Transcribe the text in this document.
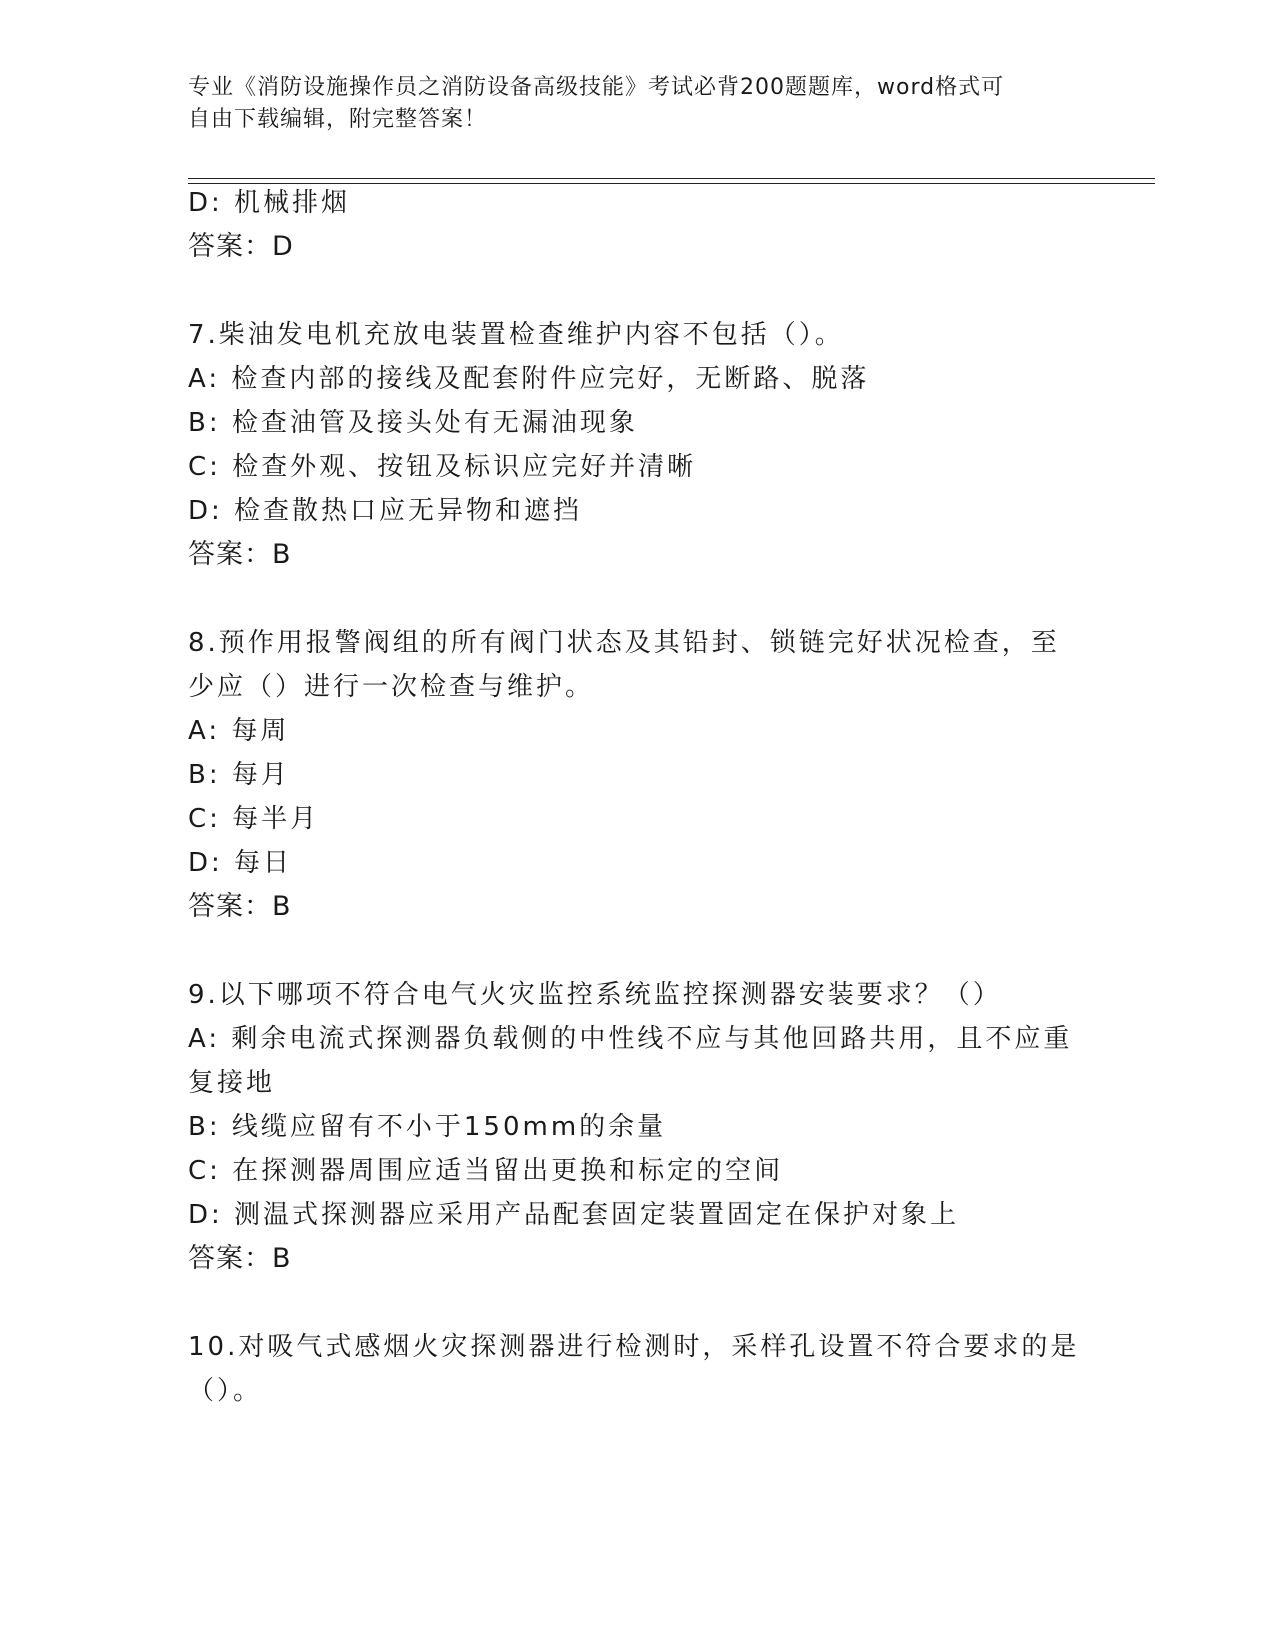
专业《消防设施操作员之消防设备高级技能》考试必背200题题库，word格式可
自由下载编辑，附完整答案！
D: 机械排烟
答案：D
7.柴油发电机充放电装置检查维护内容不包括（）。
A: 检查内部的接线及配套附件应完好，无断路、脱落
B: 检查油管及接头处有无漏油现象
C: 检查外观、按钮及标识应完好并清晰
D: 检查散热口应无异物和遮挡
答案：B
8.预作用报警阀组的所有阀门状态及其铅封、锁链完好状况检查，至
少应（）进行一次检查与维护。
A: 每周
B: 每月
C: 每半月
D: 每日
答案：B
9.以下哪项不符合电气火灾监控系统监控探测器安装要求？（）
A: 剩余电流式探测器负载侧的中性线不应与其他回路共用，且不应重
复接地
B: 线缆应留有不小于150mm的余量
C: 在探测器周围应适当留出更换和标定的空间
D: 测温式探测器应采用产品配套固定装置固定在保护对象上
答案：B
10.对吸气式感烟火灾探测器进行检测时，采样孔设置不符合要求的是
（）。
